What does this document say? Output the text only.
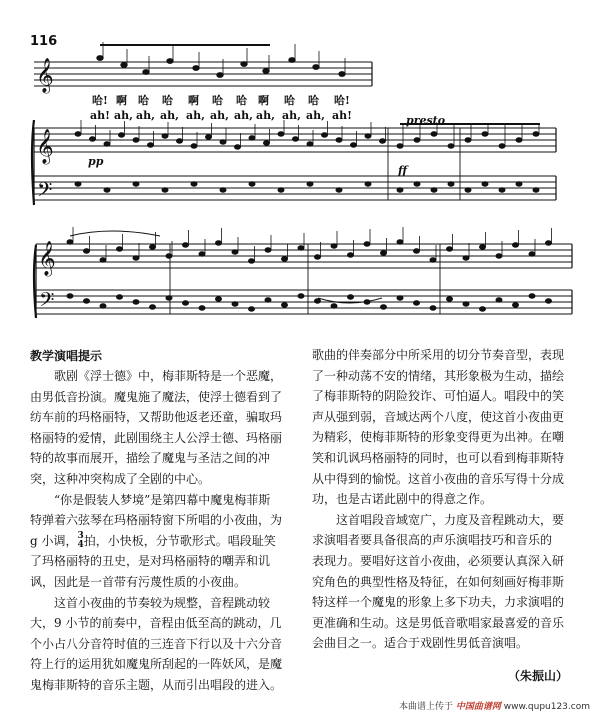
116
𝄞
𝄞
𝄞
𝄢
𝄢
pp
ff
presto
哈! 啊 哈 哈 啊 哈 哈 啊 哈 哈 哈!
ah! ah, ah, ah, ah, ah, ah, ah, ah, ah, ah!
教学演唱提示
歌剧《浮士德》中，梅菲斯特是一个恶魔，
由男低音扮演。魔鬼施了魔法，使浮士德看到了
纺车前的玛格丽特，又帮助他返老还童，骗取玛
格丽特的爱情，此剧围绕主人公浮士德、玛格丽
特的故事而展开，描绘了魔鬼与圣洁之间的冲
突，这种冲突构成了全剧的中心。
“你是假装人梦境”是第四幕中魔鬼梅菲斯
特弹着六弦琴在玛格丽特窗下所唱的小夜曲，为
g 小调， 3
4 拍，小快板，分节歌形式。唱段耻笑
了玛格丽特的丑史，是对玛格丽特的嘲弄和讥
讽，因此是一首带有污蔑性质的小夜曲。
这首小夜曲的节奏较为规整，音程跳动较
大，9 小节的前奏中，音程由低至高的跳动，几
个小占八分音符时值的三连音下行以及十六分音
符上行的运用犹如魔鬼所刮起的一阵妖风，是魔
鬼梅菲斯特的音乐主题，从而引出唱段的进入。
歌曲的伴奏部分中所采用的切分节奏音型，表现
了一种动荡不安的情绪，其形象极为生动，描绘
了梅菲斯特的阴险狡诈、可怕逼人。唱段中的笑
声从强到弱，音域达两个八度，使这首小夜曲更
为精彩，使梅菲斯特的形象变得更为出神。在嘲
笑和讥讽玛格丽特的同时，也可以看到梅菲斯特
从中得到的愉悦。这首小夜曲的音乐写得十分成
功，也是古诺此剧中的得意之作。
这首唱段音域宽广，力度及音程跳动大，要
求演唱者要具备很高的声乐演唱技巧和音乐的
表现力。要唱好这首小夜曲，必须要认真深入研
究角色的典型性格及特征，在如何刻画好梅菲斯
特这样一个魔鬼的形象上多下功夫，力求演唱的
更准确和生动。这是男低音歌唱家最喜爱的音乐
会曲目之一。适合于戏剧性男低音演唱。
（朱振山）
本曲谱上传于 中国曲谱网 www.qupu123.com
